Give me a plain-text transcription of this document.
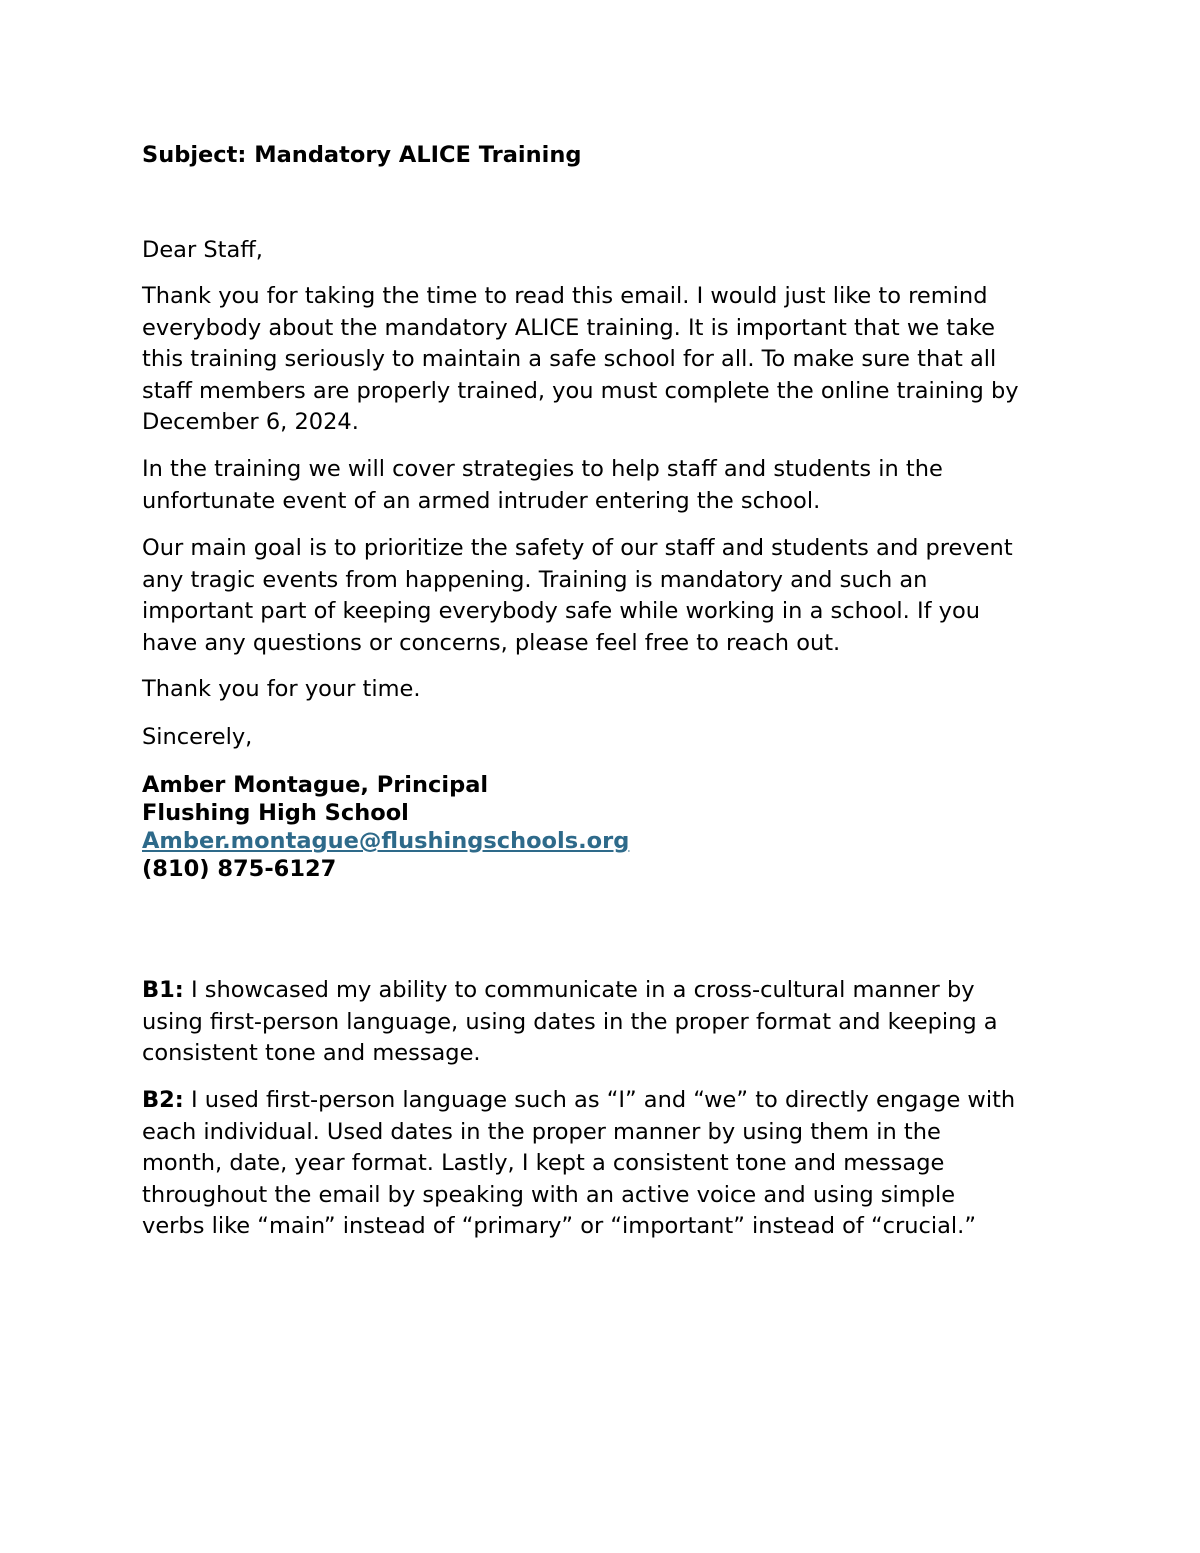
Subject: Mandatory ALICE Training

Dear Staff,

Thank you for taking the time to read this email. I would just like to remind

everybody about the mandatory ALICE training. It is important that we take

this training seriously to maintain a safe school for all. To make sure that all

staff members are properly trained, you must complete the online training by

December 6, 2024.

In the training we will cover strategies to help staff and students in the

unfortunate event of an armed intruder entering the school.

Our main goal is to prioritize the safety of our staff and students and prevent

any tragic events from happening. Training is mandatory and such an

important part of keeping everybody safe while working in a school. If you

have any questions or concerns, please feel free to reach out.

Thank you for your time.

Sincerely,

Amber Montague, Principal

Flushing High School

Amber.montague@flushingschools.org

(810) 875-6127

B1: I showcased my ability to communicate in a cross-cultural manner by

using first-person language, using dates in the proper format and keeping a

consistent tone and message.

B2: I used first-person language such as “I” and “we” to directly engage with

each individual. Used dates in the proper manner by using them in the

month, date, year format. Lastly, I kept a consistent tone and message

throughout the email by speaking with an active voice and using simple

verbs like “main” instead of “primary” or “important” instead of “crucial.”
